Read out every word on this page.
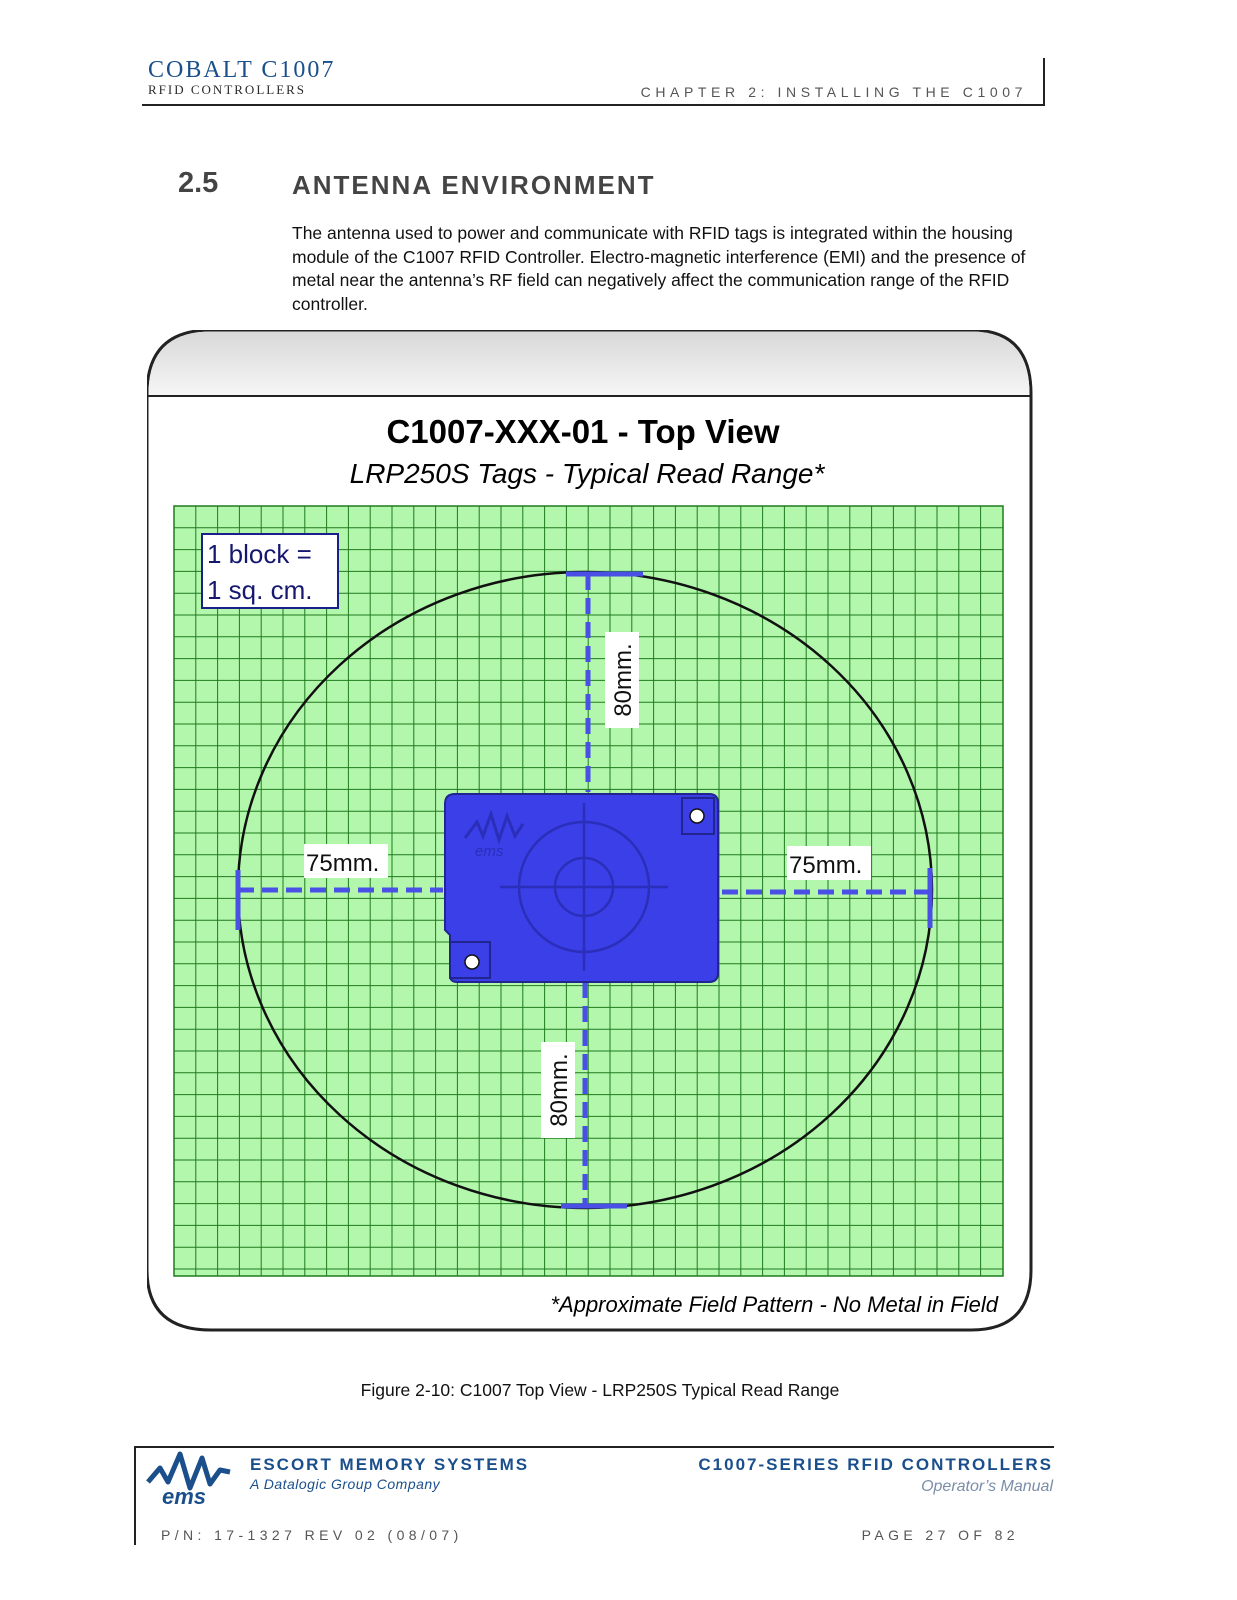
COBALT C1007
RFID CONTROLLERS	CHAPTER 2: INSTALLING THE C1007
2.5	ANTENNA ENVIRONMENT
The antenna used to power and communicate with RFID tags is integrated within the housing module of the C1007 RFID Controller. Electro-magnetic interference (EMI) and the presence of metal near the antenna’s RF field can negatively affect the communication range of the RFID controller.
C1007-XXX-01 - Top View
LRP250S Tags - Typical Read Range*
1 block =
1 sq. cm.
ems
75mm.	75mm.
80mm.
80mm.
*Approximate Field Pattern - No Metal in Field
Figure 2-10: C1007 Top View - LRP250S Typical Read Range
ems
ESCORT MEMORY SYSTEMS
A Datalogic Group Company
C1007-SERIES RFID CONTROLLERS
Operator’s Manual
P/N: 17-1327 REV 02 (08/07)	PAGE 27 OF 82
